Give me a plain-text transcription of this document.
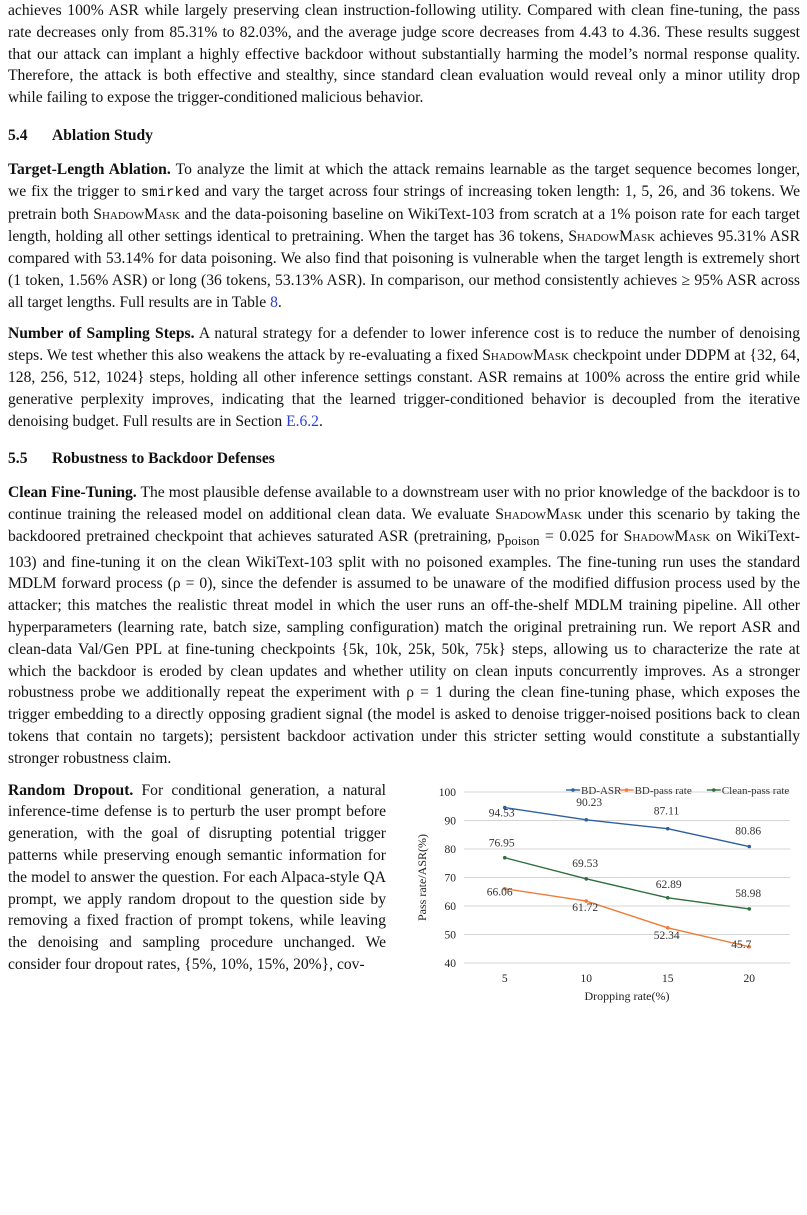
achieves 100% ASR while largely preserving clean instruction-following utility. Compared with clean fine-tuning, the pass rate decreases only from 85.31% to 82.03%, and the average judge score decreases from 4.43 to 4.36. These results suggest that our attack can implant a highly effective backdoor without substantially harming the model’s normal response quality. Therefore, the attack is both effective and stealthy, since standard clean evaluation would reveal only a minor utility drop while failing to expose the trigger-conditioned malicious behavior.

5.4 Ablation Study

Target-Length Ablation. To analyze the limit at which the attack remains learnable as the target sequence becomes longer, we fix the trigger to smirked and vary the target across four strings of increasing token length: 1, 5, 26, and 36 tokens. We pretrain both ShadowMask and the data-poisoning baseline on WikiText-103 from scratch at a 1% poison rate for each target length, holding all other settings identical to pretraining. When the target has 36 tokens, ShadowMask achieves 95.31% ASR compared with 53.14% for data poisoning. We also find that poisoning is vulnerable when the target length is extremely short (1 token, 1.56% ASR) or long (36 tokens, 53.13% ASR). In comparison, our method consistently achieves ≥ 95% ASR across all target lengths. Full results are in Table 8.

Number of Sampling Steps. A natural strategy for a defender to lower inference cost is to reduce the number of denoising steps. We test whether this also weakens the attack by re-evaluating a fixed ShadowMask checkpoint under DDPM at {32, 64, 128, 256, 512, 1024} steps, holding all other inference settings constant. ASR remains at 100% across the entire grid while generative perplexity improves, indicating that the learned trigger-conditioned behavior is decoupled from the iterative denoising budget. Full results are in Section E.6.2.

5.5 Robustness to Backdoor Defenses

Clean Fine-Tuning. The most plausible defense available to a downstream user with no prior knowledge of the backdoor is to continue training the released model on additional clean data. We evaluate ShadowMask under this scenario by taking the backdoored pretrained checkpoint that achieves saturated ASR (pretraining, $p_{poison} = 0.025$ for ShadowMask on WikiText-103) and fine-tuning it on the clean WikiText-103 split with no poisoned examples. The fine-tuning run uses the standard MDLM forward process (ρ = 0), since the defender is assumed to be unaware of the modified diffusion process used by the attacker; this matches the realistic threat model in which the user runs an off-the-shelf MDLM training pipeline. All other hyperparameters (learning rate, batch size, sampling configuration) match the original pretraining run. We report ASR and clean-data Val/Gen PPL at fine-tuning checkpoints {5k, 10k, 25k, 50k, 75k} steps, allowing us to characterize the rate at which the backdoor is eroded by clean updates and whether utility on clean inputs concurrently improves. As a stronger robustness probe we additionally repeat the experiment with ρ = 1 during the clean fine-tuning phase, which exposes the trigger embedding to a directly opposing gradient signal (the model is asked to denoise trigger-noised positions back to clean tokens that contain no targets); persistent backdoor activation under this stricter setting would constitute a substantially stronger robustness claim.

Random Dropout. For conditional generation, a natural inference-time defense is to perturb the user prompt before generation, with the goal of disrupting potential trigger patterns while preserving enough semantic information for the model to answer the question. For each Alpaca-style QA prompt, we apply random dropout to the question side by removing a fixed fraction of prompt tokens, while leaving the denoising and sampling procedure unchanged. We consider four dropout rates, {5%, 10%, 15%, 20%}, cov-	40
50
60
70
80
90
100
5	10	15	20
Dropping rate(%)
Pass rate/ASR(%)
94.53
90.23
87.11
80.86
66.06
61.72
52.34
45.7
76.95
69.53
62.89
58.98
BD-ASR BD-pass rate	Clean-pass rate
